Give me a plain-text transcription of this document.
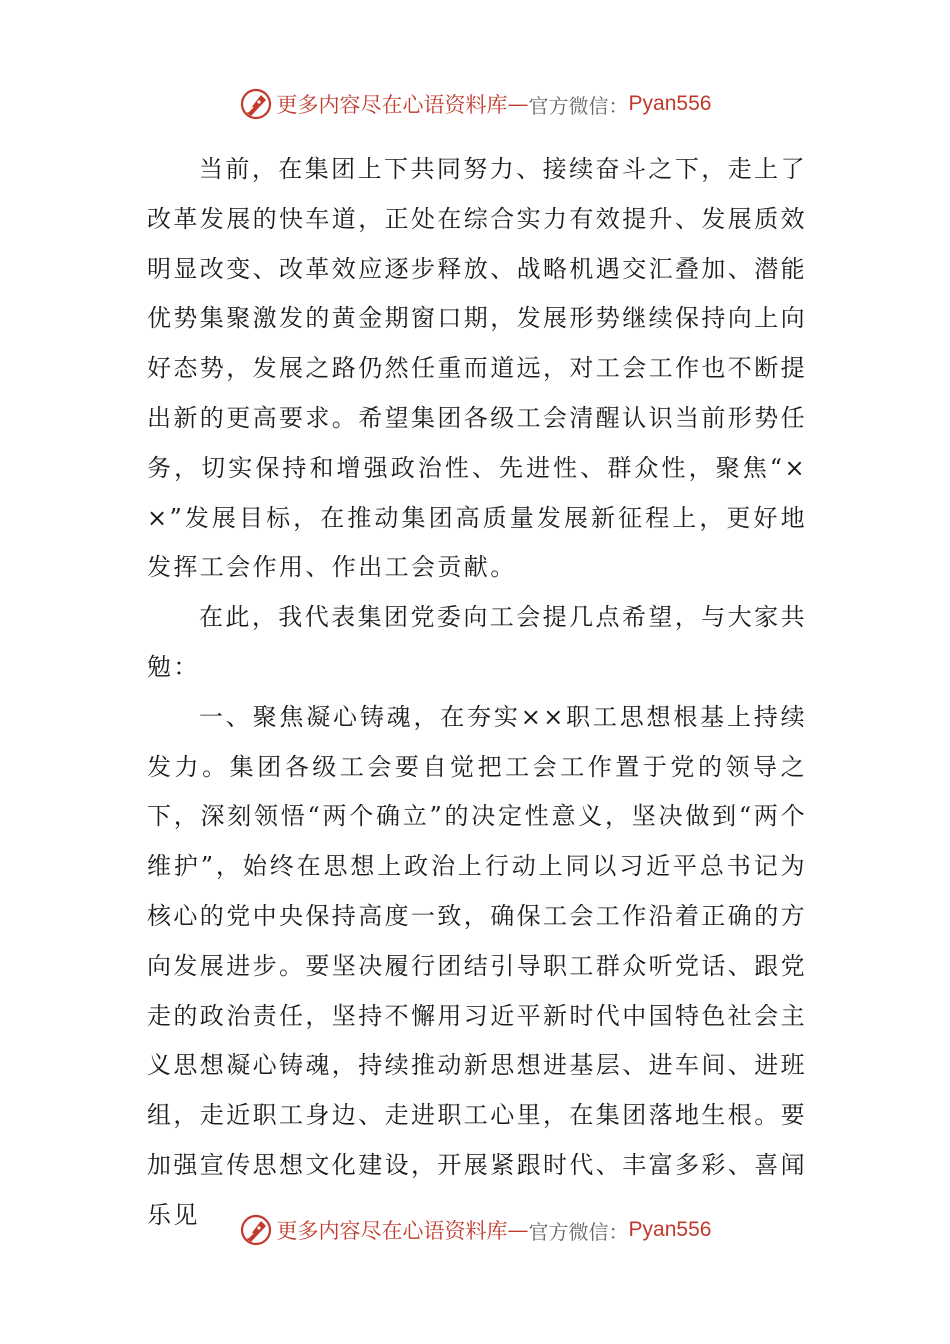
更多内容尽在心语资料库 — 官方微信： Pyan556

当前，在集团上下共同努力、接续奋斗之下，走上了改革发展的快车道，正处在综合实力有效提升、发展质效明显改变、改革效应逐步释放、战略机遇交汇叠加、潜能优势集聚激发的黄金期窗口期，发展形势继续保持向上向好态势，发展之路仍然任重而道远，对工会工作也不断提出新的更高要求。希望集团各级工会清醒认识当前形势任务，切实保持和增强政治性、先进性、群众性，聚焦“××”发展目标，在推动集团高质量发展新征程上，更好地发挥工会作用、作出工会贡献。

在此，我代表集团党委向工会提几点希望，与大家共勉：

一、聚焦凝心铸魂，在夯实××职工思想根基上持续发力。集团各级工会要自觉把工会工作置于党的领导之下，深刻领悟“两个确立”的决定性意义，坚决做到“两个维护”，始终在思想上政治上行动上同以习近平总书记为核心的党中央保持高度一致，确保工会工作沿着正确的方向发展进步。要坚决履行团结引导职工群众听党话、跟党走的政治责任，坚持不懈用习近平新时代中国特色社会主义思想凝心铸魂，持续推动新思想进基层、进车间、进班组，走近职工身边、走进职工心里，在集团落地生根。要加强宣传思想文化建设，开展紧跟时代、丰富多彩、喜闻乐见

更多内容尽在心语资料库 — 官方微信： Pyan556
